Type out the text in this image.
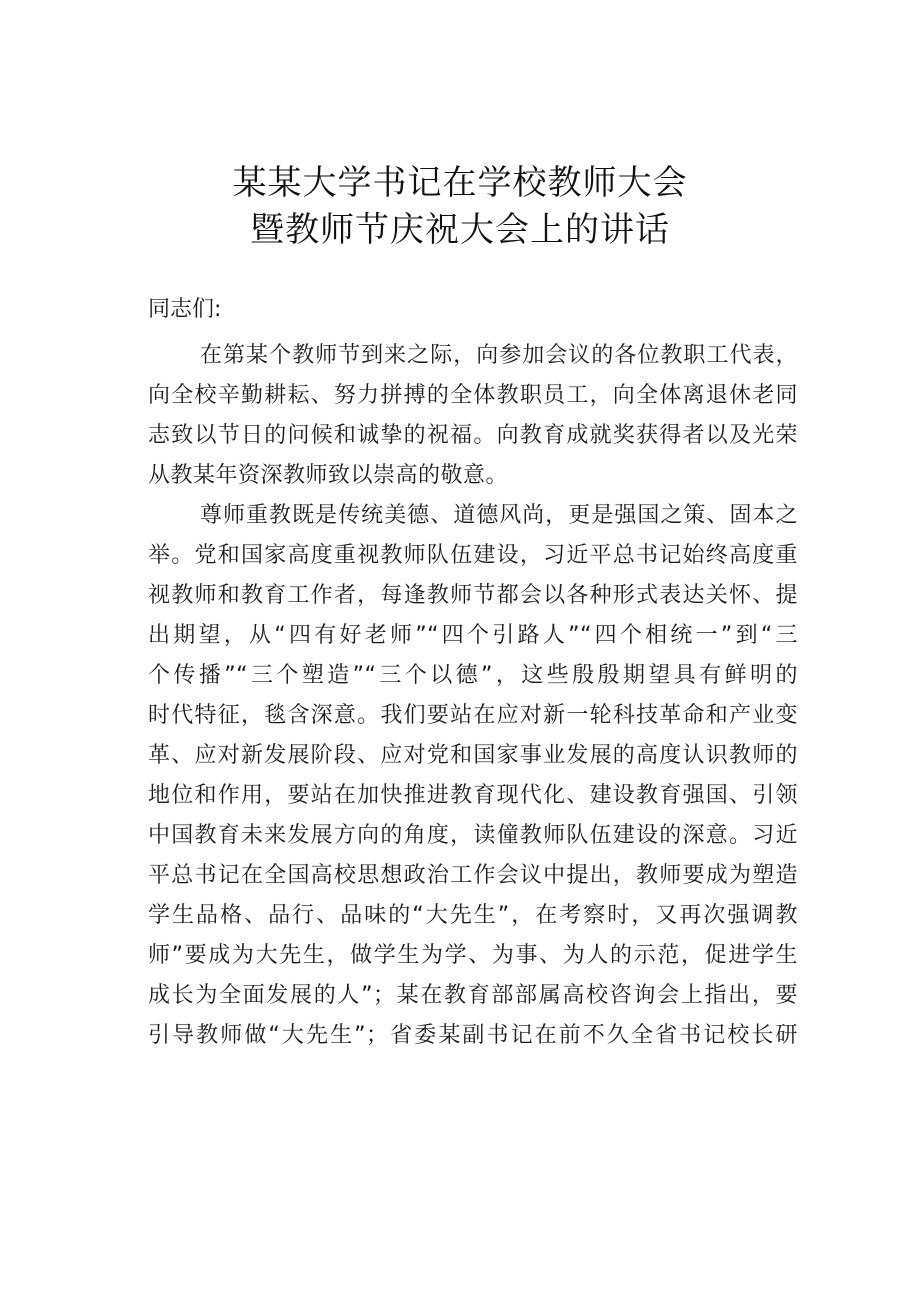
某某大学书记在学校教师大会
暨教师节庆祝大会上的讲话
同志们:
在第某个教师节到来之际，向参加会议的各位教职工代表，
向全校辛勤耕耘、努力拼搏的全体教职员工，向全体离退休老同
志致以节日的问候和诚挚的祝福。向教育成就奖获得者以及光荣
从教某年资深教师致以崇高的敬意。
尊师重教既是传统美德、道德风尚，更是强国之策、固本之
举。党和国家高度重视教师队伍建设，习近平总书记始终高度重
视教师和教育工作者，每逢教师节都会以各种形式表达关怀、提
出期望，从“四有好老师”“四个引路人”“四个相统一”到“三
个传播”“三个塑造”“三个以德”，这些殷殷期望具有鲜明的
时代特征，毯含深意。我们要站在应对新一轮科技革命和产业变
革、应对新发展阶段、应对党和国家事业发展的高度认识教师的
地位和作用，要站在加快推进教育现代化、建设教育强国、引领
中国教育未来发展方向的角度，读僮教师队伍建设的深意。习近
平总书记在全国高校思想政治工作会议中提出，教师要成为塑造
学生品格、品行、品味的“大先生”，在考察时，又再次强调教
师”要成为大先生，做学生为学、为事、为人的示范，促进学生
成长为全面发展的人”；某在教育部部属高校咨询会上指出，要
引导教师做“大先生”；省委某副书记在前不久全省书记校长研
